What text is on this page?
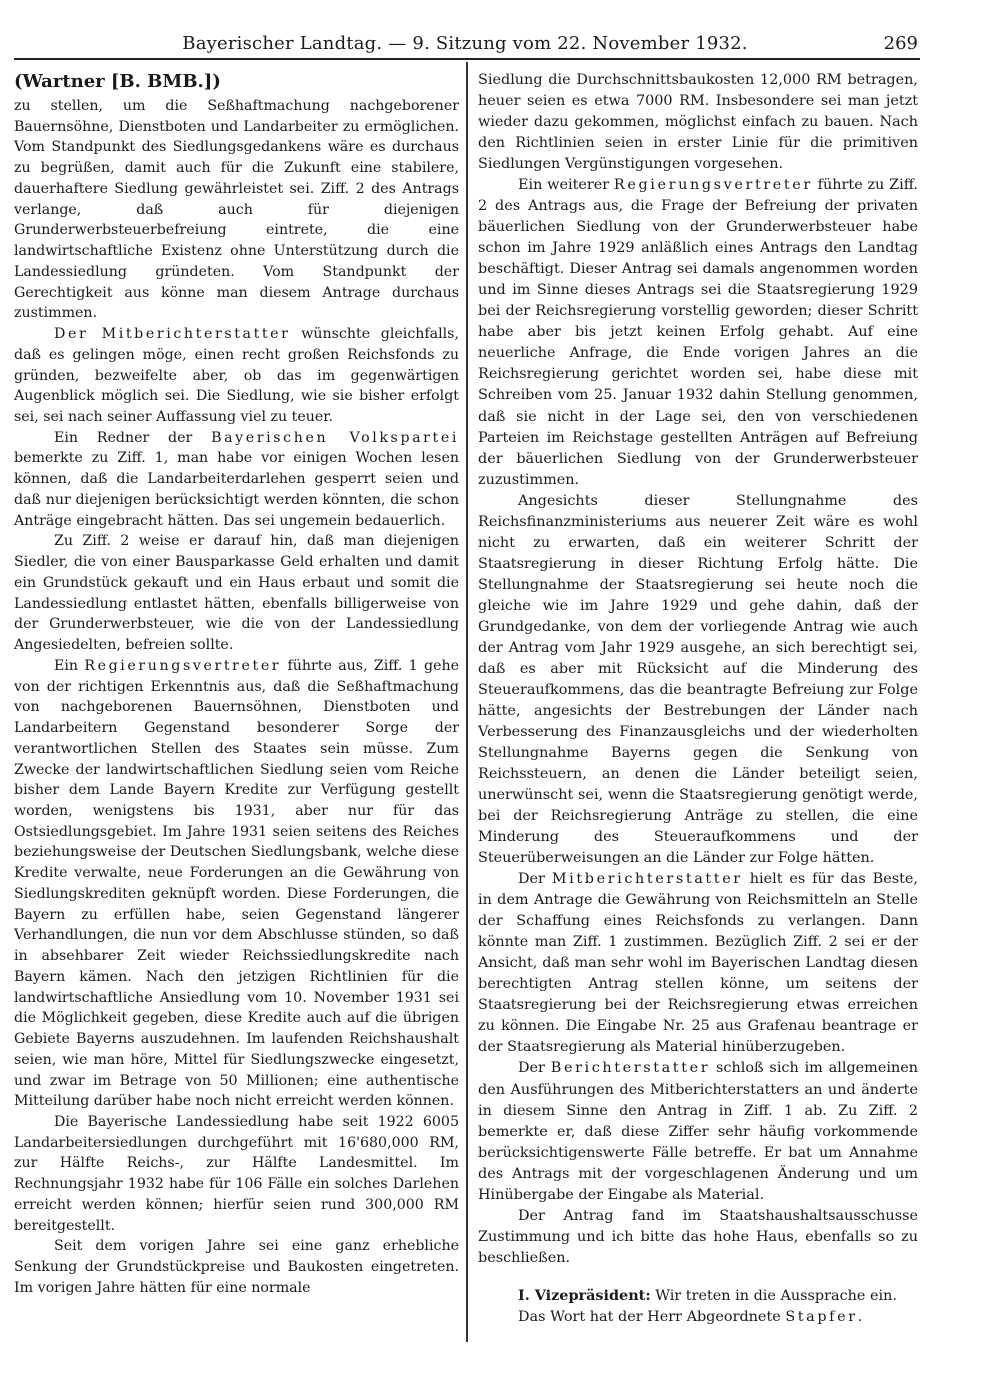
Bayerischer Landtag. — 9. Sitzung vom 22. November 1932.	269
(Wartner [B. BMB.])

zu stellen, um die Seßhaftmachung nachgeborener Bauernsöhne, Dienstboten und Landarbeiter zu ermöglichen. Vom Standpunkt des Siedlungsgedankens wäre es durchaus zu begrüßen, damit auch für die Zukunft eine stabilere, dauerhaftere Siedlung gewährleistet sei. Ziff. 2 des Antrags verlange, daß auch für diejenigen Grunderwerbsteuerbefreiung eintrete, die eine landwirtschaftliche Existenz ohne Unterstützung durch die Landessiedlung gründeten. Vom Standpunkt der Gerechtigkeit aus könne man diesem Antrage durchaus zustimmen.

Der Mitberichterstatter wünschte gleichfalls, daß es gelingen möge, einen recht großen Reichsfonds zu gründen, bezweifelte aber, ob das im gegenwärtigen Augenblick möglich sei. Die Siedlung, wie sie bisher erfolgt sei, sei nach seiner Auffassung viel zu teuer.

Ein Redner der Bayerischen Volkspartei bemerkte zu Ziff. 1, man habe vor einigen Wochen lesen können, daß die Landarbeiterdarlehen gesperrt seien und daß nur diejenigen berücksichtigt werden könnten, die schon Anträge eingebracht hätten. Das sei ungemein bedauerlich.

Zu Ziff. 2 weise er darauf hin, daß man diejenigen Siedler, die von einer Bausparkasse Geld erhalten und damit ein Grundstück gekauft und ein Haus erbaut und somit die Landessiedlung entlastet hätten, ebenfalls billigerweise von der Grunderwerbsteuer, wie die von der Landessiedlung Angesiedelten, befreien sollte.

Ein Regierungsvertreter führte aus, Ziff. 1 gehe von der richtigen Erkenntnis aus, daß die Seßhaftmachung von nachgeborenen Bauernsöhnen, Dienstboten und Landarbeitern Gegenstand besonderer Sorge der verantwortlichen Stellen des Staates sein müsse. Zum Zwecke der landwirtschaftlichen Siedlung seien vom Reiche bisher dem Lande Bayern Kredite zur Verfügung gestellt worden, wenigstens bis 1931, aber nur für das Ostsiedlungsgebiet. Im Jahre 1931 seien seitens des Reiches beziehungsweise der Deutschen Siedlungsbank, welche diese Kredite verwalte, neue Forderungen an die Gewährung von Siedlungskrediten geknüpft worden. Diese Forderungen, die Bayern zu erfüllen habe, seien Gegenstand längerer Verhandlungen, die nun vor dem Abschlusse stünden, so daß in absehbarer Zeit wieder Reichssiedlungskredite nach Bayern kämen. Nach den jetzigen Richtlinien für die landwirtschaftliche Ansiedlung vom 10. November 1931 sei die Möglichkeit gegeben, diese Kredite auch auf die übrigen Gebiete Bayerns auszudehnen. Im laufenden Reichshaushalt seien, wie man höre, Mittel für Siedlungszwecke eingesetzt, und zwar im Betrage von 50 Millionen; eine authentische Mitteilung darüber habe noch nicht erreicht werden können.

Die Bayerische Landessiedlung habe seit 1922 6005 Landarbeitersiedlungen durchgeführt mit 16'680,000 RM, zur Hälfte Reichs-, zur Hälfte Landesmittel. Im Rechnungsjahr 1932 habe für 106 Fälle ein solches Darlehen erreicht werden können; hierfür seien rund 300,000 RM bereitgestellt.

Seit dem vorigen Jahre sei eine ganz erhebliche Senkung der Grundstückpreise und Baukosten eingetreten. Im vorigen Jahre hätten für eine normale

Siedlung die Durchschnittsbaukosten 12,000 RM betragen, heuer seien es etwa 7000 RM. Insbesondere sei man jetzt wieder dazu gekommen, möglichst einfach zu bauen. Nach den Richtlinien seien in erster Linie für die primitiven Siedlungen Vergünstigungen vorgesehen.

Ein weiterer Regierungsvertreter führte zu Ziff. 2 des Antrags aus, die Frage der Befreiung der privaten bäuerlichen Siedlung von der Grunderwerbsteuer habe schon im Jahre 1929 anläßlich eines Antrags den Landtag beschäftigt. Dieser Antrag sei damals angenommen worden und im Sinne dieses Antrags sei die Staatsregierung 1929 bei der Reichsregierung vorstellig geworden; dieser Schritt habe aber bis jetzt keinen Erfolg gehabt. Auf eine neuerliche Anfrage, die Ende vorigen Jahres an die Reichsregierung gerichtet worden sei, habe diese mit Schreiben vom 25. Januar 1932 dahin Stellung genommen, daß sie nicht in der Lage sei, den von verschiedenen Parteien im Reichstage gestellten Anträgen auf Befreiung der bäuerlichen Siedlung von der Grunderwerbsteuer zuzustimmen.

Angesichts dieser Stellungnahme des Reichsfinanzministeriums aus neuerer Zeit wäre es wohl nicht zu erwarten, daß ein weiterer Schritt der Staatsregierung in dieser Richtung Erfolg hätte. Die Stellungnahme der Staatsregierung sei heute noch die gleiche wie im Jahre 1929 und gehe dahin, daß der Grundgedanke, von dem der vorliegende Antrag wie auch der Antrag vom Jahr 1929 ausgehe, an sich berechtigt sei, daß es aber mit Rücksicht auf die Minderung des Steueraufkommens, das die beantragte Befreiung zur Folge hätte, angesichts der Bestrebungen der Länder nach Verbesserung des Finanzausgleichs und der wiederholten Stellungnahme Bayerns gegen die Senkung von Reichssteuern, an denen die Länder beteiligt seien, unerwünscht sei, wenn die Staatsregierung genötigt werde, bei der Reichsregierung Anträge zu stellen, die eine Minderung des Steueraufkommens und der Steuerüberweisungen an die Länder zur Folge hätten.

Der Mitberichterstatter hielt es für das Beste, in dem Antrage die Gewährung von Reichsmitteln an Stelle der Schaffung eines Reichsfonds zu verlangen. Dann könnte man Ziff. 1 zustimmen. Bezüglich Ziff. 2 sei er der Ansicht, daß man sehr wohl im Bayerischen Landtag diesen berechtigten Antrag stellen könne, um seitens der Staatsregierung bei der Reichsregierung etwas erreichen zu können. Die Eingabe Nr. 25 aus Grafenau beantrage er der Staatsregierung als Material hinüberzugeben.

Der Berichterstatter schloß sich im allgemeinen den Ausführungen des Mitberichterstatters an und änderte in diesem Sinne den Antrag in Ziff. 1 ab. Zu Ziff. 2 bemerkte er, daß diese Ziffer sehr häufig vorkommende berücksichtigenswerte Fälle betreffe. Er bat um Annahme des Antrags mit der vorgeschlagenen Änderung und um Hinübergabe der Eingabe als Material.

Der Antrag fand im Staatshaushaltsausschusse Zustimmung und ich bitte das hohe Haus, ebenfalls so zu beschließen.

I. Vizepräsident: Wir treten in die Aussprache ein.

Das Wort hat der Herr Abgeordnete Stapfer.
